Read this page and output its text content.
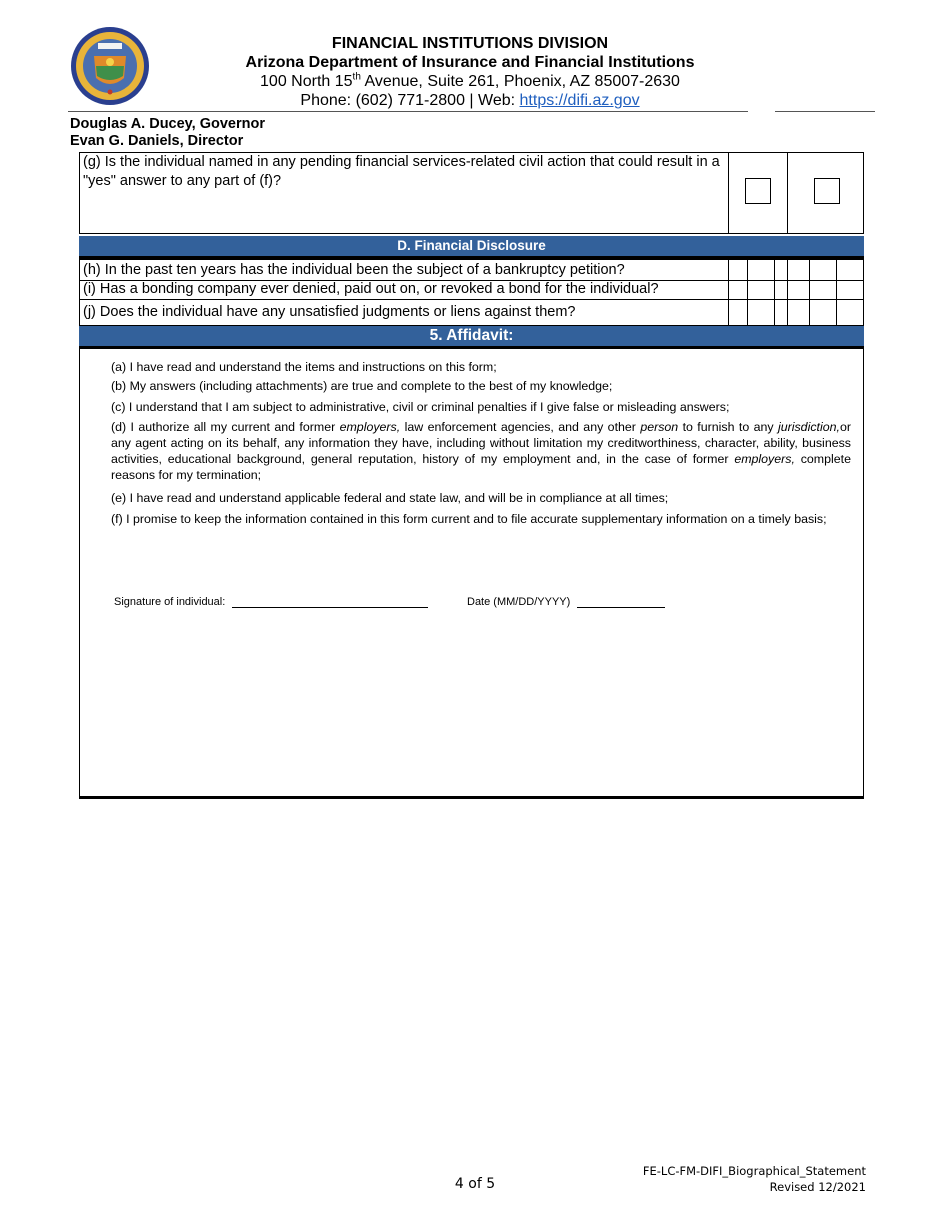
FINANCIAL INSTITUTIONS DIVISION
Arizona Department of Insurance and Financial Institutions
100 North 15th Avenue, Suite 261, Phoenix, AZ 85007-2630
Phone: (602) 771-2800 | Web: https://difi.az.gov
Douglas A. Ducey, Governor
Evan G. Daniels, Director
(g) Is the individual named in any pending financial services-related civil action that could result in a "yes" answer to any part of (f)?
D. Financial Disclosure
(h) In the past ten years has the individual been the subject of a bankruptcy petition?
(i) Has a bonding company ever denied, paid out on, or revoked a bond for the individual?
(j) Does the individual have any unsatisfied judgments or liens against them?
5. Affidavit:
(a) I have read and understand the items and instructions on this form;
(b) My answers (including attachments) are true and complete to the best of my knowledge;
(c) I understand that I am subject to administrative, civil or criminal penalties if I give false or misleading answers;
(d) I authorize all my current and former employers, law enforcement agencies, and any other person to furnish to any jurisdiction,or any agent acting on its behalf, any information they have, including without limitation my creditworthiness, character, ability, business activities, educational background, general reputation, history of my employment and, in the case of former employers, complete reasons for my termination;
(e) I have read and understand applicable federal and state law, and will be in compliance at all times;
(f) I promise to keep the information contained in this form current and to file accurate supplementary information on a timely basis;
Signature of individual:	Date (MM/DD/YYYY)
4 of 5
FE-LC-FM-DIFI_Biographical_Statement
Revised 12/2021
